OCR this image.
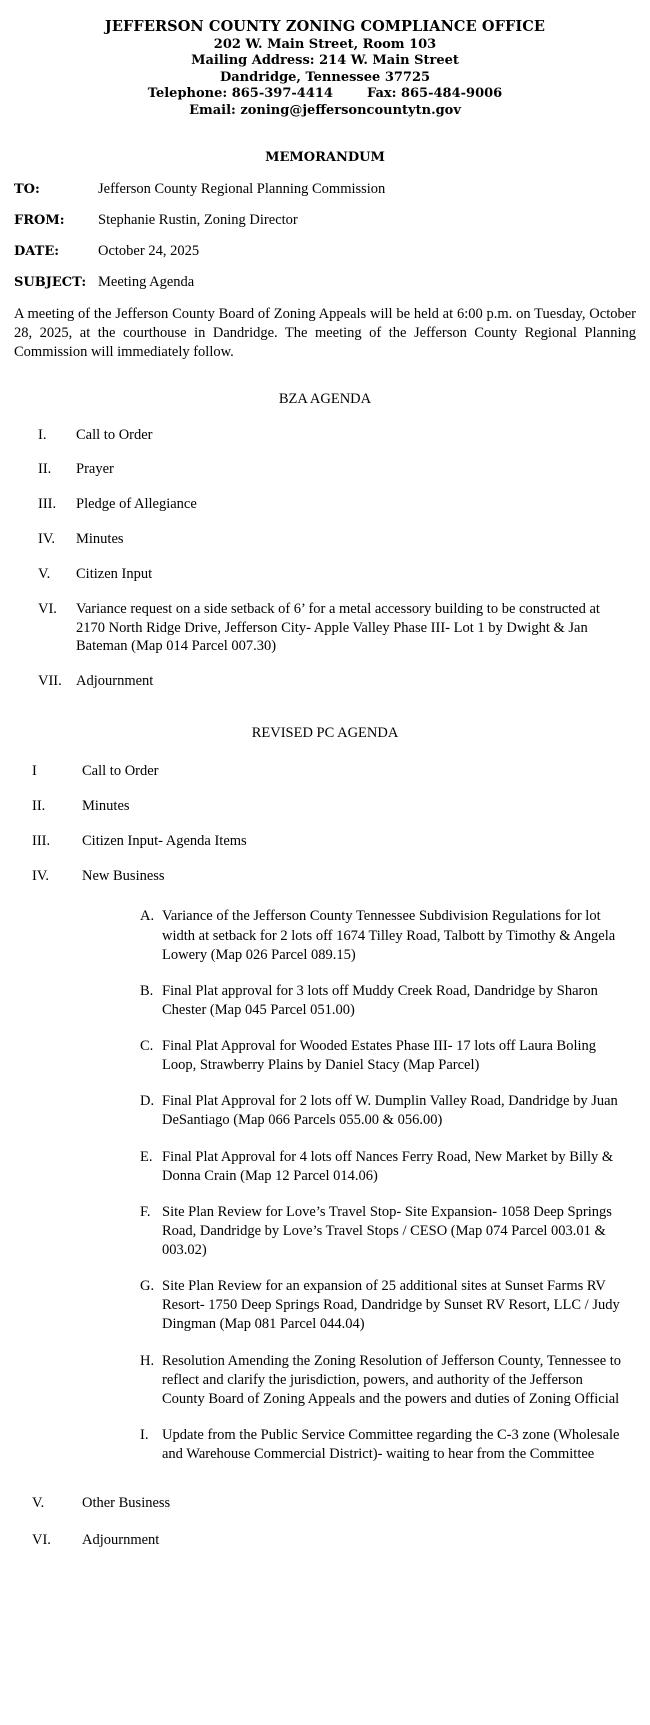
JEFFERSON COUNTY ZONING COMPLIANCE OFFICE
202 W. Main Street, Room 103
Mailing Address: 214 W. Main Street
Dandridge, Tennessee 37725
Telephone: 865-397-4414	Fax: 865-484-9006
Email: zoning@jeffersoncountytn.gov
MEMORANDUM
TO:	Jefferson County Regional Planning Commission
FROM:	Stephanie Rustin, Zoning Director
DATE:	October 24, 2025
SUBJECT: Meeting Agenda
A meeting of the Jefferson County Board of Zoning Appeals will be held at 6:00 p.m. on Tuesday, October 28, 2025, at the courthouse in Dandridge. The meeting of the Jefferson County Regional Planning Commission will immediately follow.
BZA AGENDA
I.	Call to Order
II.	Prayer
III.	Pledge of Allegiance
IV.	Minutes
V.	Citizen Input
VI.	Variance request on a side setback of 6’ for a metal accessory building to be constructed at 2170 North Ridge Drive, Jefferson City- Apple Valley Phase III- Lot 1 by Dwight & Jan Bateman (Map 014 Parcel 007.30)
VII. Adjournment
REVISED PC AGENDA
I	Call to Order
II.	Minutes
III.	Citizen Input- Agenda Items
IV.	New Business
A. Variance of the Jefferson County Tennessee Subdivision Regulations for lot width at setback for 2 lots off 1674 Tilley Road, Talbott by Timothy & Angela Lowery (Map 026 Parcel 089.15)
B. Final Plat approval for 3 lots off Muddy Creek Road, Dandridge by Sharon Chester (Map 045 Parcel 051.00)
C. Final Plat Approval for Wooded Estates Phase III- 17 lots off Laura Boling Loop, Strawberry Plains by Daniel Stacy (Map Parcel)
D. Final Plat Approval for 2 lots off W. Dumplin Valley Road, Dandridge by Juan DeSantiago (Map 066 Parcels 055.00 & 056.00)
E. Final Plat Approval for 4 lots off Nances Ferry Road, New Market by Billy & Donna Crain (Map 12 Parcel 014.06)
F. Site Plan Review for Love’s Travel Stop- Site Expansion- 1058 Deep Springs Road, Dandridge by Love’s Travel Stops / CESO (Map 074 Parcel 003.01 & 003.02)
G. Site Plan Review for an expansion of 25 additional sites at Sunset Farms RV Resort- 1750 Deep Springs Road, Dandridge by Sunset RV Resort, LLC / Judy Dingman (Map 081 Parcel 044.04)
H. Resolution Amending the Zoning Resolution of Jefferson County, Tennessee to reflect and clarify the jurisdiction, powers, and authority of the Jefferson County Board of Zoning Appeals and the powers and duties of Zoning Official
I. Update from the Public Service Committee regarding the C-3 zone (Wholesale and Warehouse Commercial District)- waiting to hear from the Committee
V.	Other Business
VI.	Adjournment
